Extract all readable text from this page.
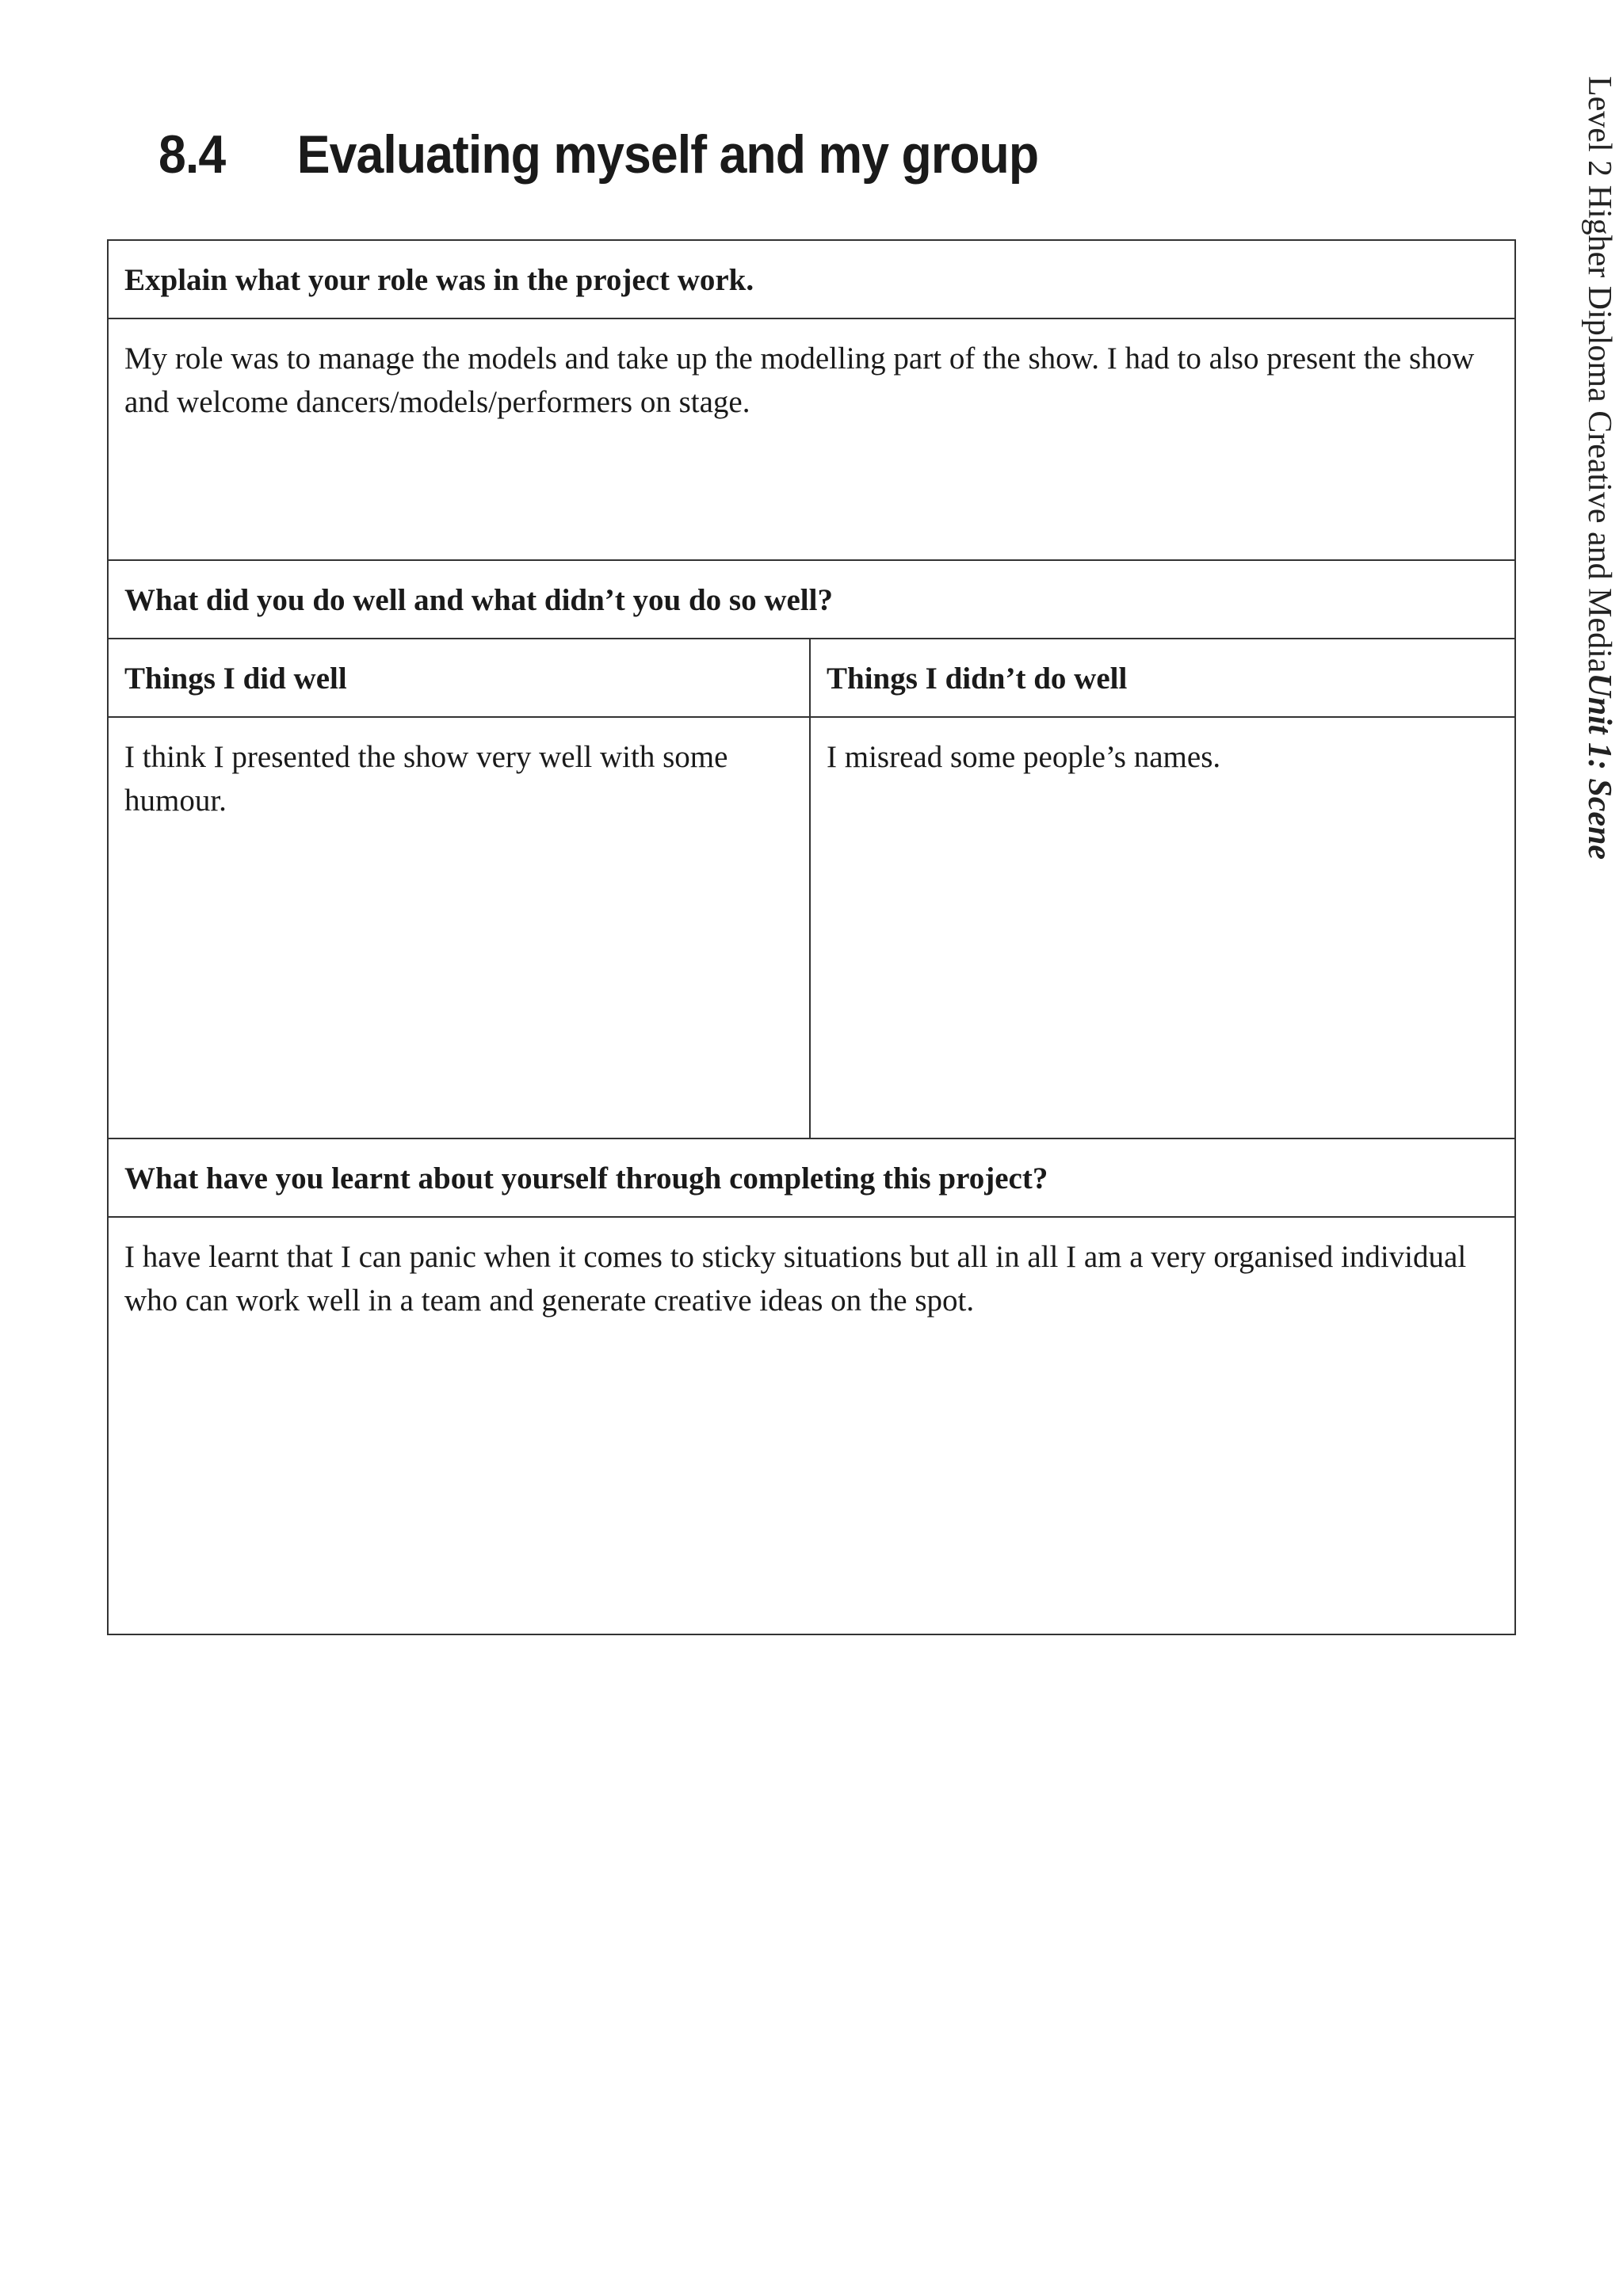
8.4 Evaluating myself and my group	Level 2 Higher Diploma Creative and MediaUnit 1: Scene
Explain what your role was in the project work.
My role was to manage the models and take up the modelling part of the show. I had to also present the show and welcome dancers/models/performers on stage.
What did you do well and what didn’t you do so well?
Things I did well	Things I didn’t do well
I think I presented the show very well with some humour.
I misread some people’s names.
What have you learnt about yourself through completing this project?
I have learnt that I can panic when it comes to sticky situations but all in all I am a very organised individual who can work well in a team and generate creative ideas on the spot.
